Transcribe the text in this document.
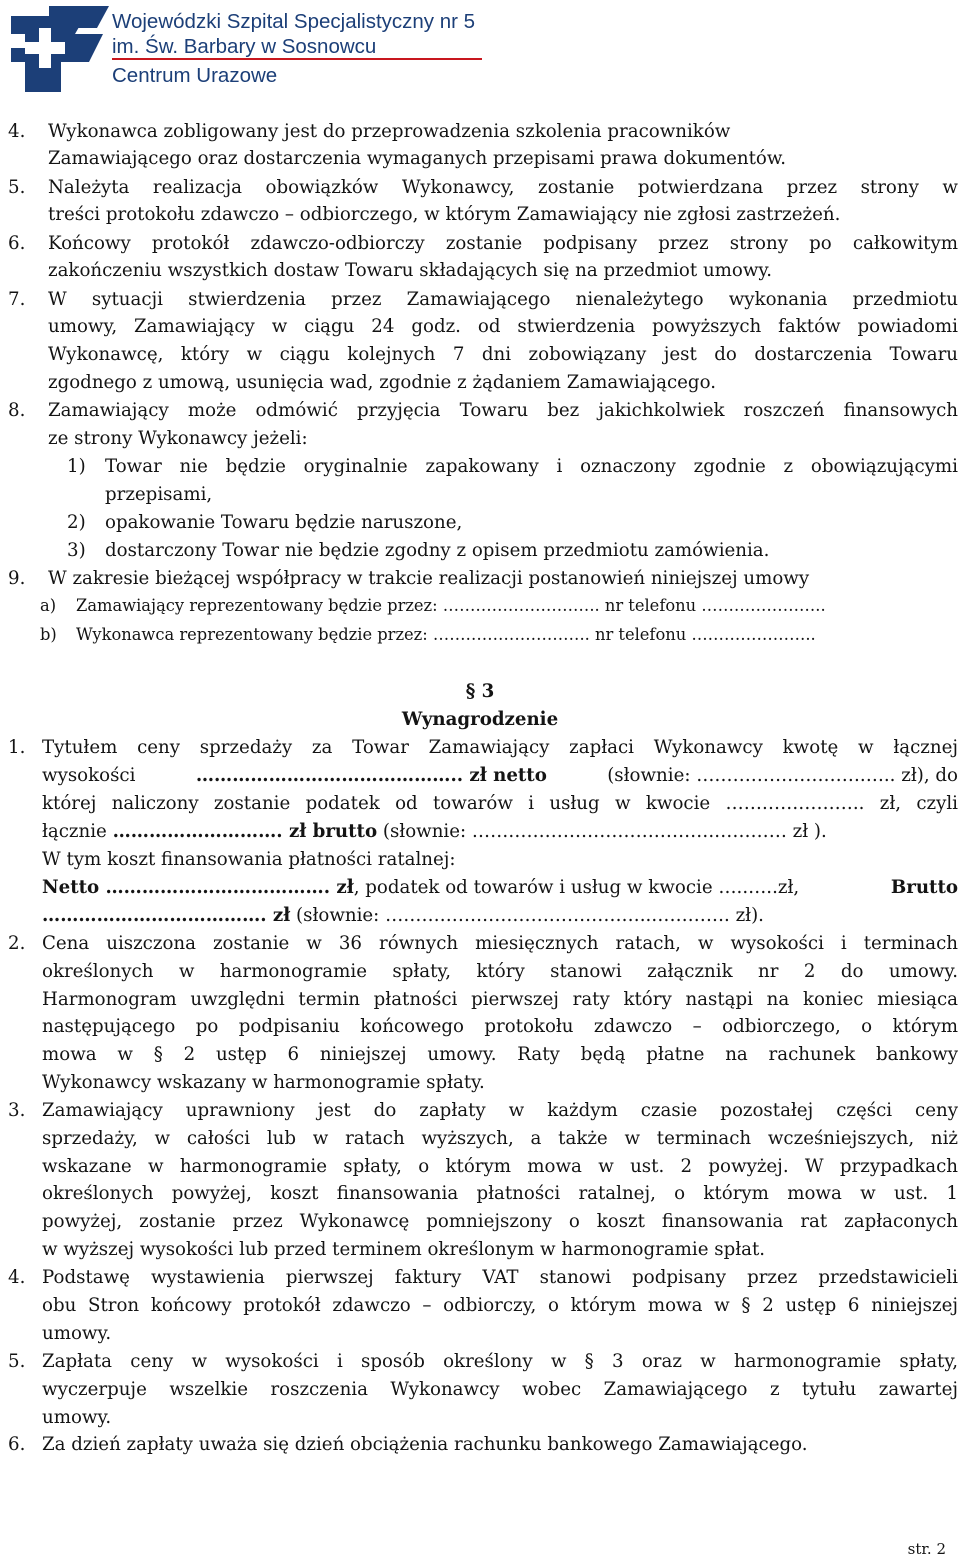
Wojewódzki Szpital Specjalistyczny nr 5
im. Św. Barbary w Sosnowcu
Centrum Urazowe
4. Wykonawca zobligowany jest do przeprowadzenia szkolenia pracowników
Zamawiającego oraz dostarczenia wymaganych przepisami prawa dokumentów.
5. Należyta realizacja obowiązków Wykonawcy, zostanie potwierdzana przez strony w
treści protokołu zdawczo – odbiorczego, w którym Zamawiający nie zgłosi zastrzeżeń.
6. Końcowy protokół zdawczo-odbiorczy zostanie podpisany przez strony po całkowitym
zakończeniu wszystkich dostaw Towaru składających się na przedmiot umowy.
7. W sytuacji stwierdzenia przez Zamawiającego nienależytego wykonania przedmiotu
umowy, Zamawiający w ciągu 24 godz. od stwierdzenia powyższych faktów powiadomi
Wykonawcę, który w ciągu kolejnych 7 dni zobowiązany jest do dostarczenia Towaru
zgodnego z umową, usunięcia wad, zgodnie z żądaniem Zamawiającego.
8. Zamawiający może odmówić przyjęcia Towaru bez jakichkolwiek roszczeń finansowych
ze strony Wykonawcy jeżeli:
1) Towar nie będzie oryginalnie zapakowany i oznaczony zgodnie z obowiązującymi
przepisami,
2) opakowanie Towaru będzie naruszone,
3) dostarczony Towar nie będzie zgodny z opisem przedmiotu zamówienia.
9. W zakresie bieżącej współpracy w trakcie realizacji postanowień niniejszej umowy
a) Zamawiający reprezentowany będzie przez: ……………………….. nr telefonu …………………..
b) Wykonawca reprezentowany będzie przez: ……………………….. nr telefonu …………………..
§ 3
Wynagrodzenie
1. Tytułem ceny sprzedaży za Towar Zamawiający zapłaci Wykonawcy kwotę w łącznej
wysokości	…………………………………….. zł netto	(słownie: ……………………….….. zł), do
której naliczony zostanie podatek od towarów i usług w kwocie ………………….. zł, czyli
łącznie ………………………. zł brutto (słownie: ………………………………….………… zł ).
W tym koszt finansowania płatności ratalnej:
Netto ………………………………. zł, podatek od towarów i usług w kwocie …..…..zł,	Brutto
………………………………. zł (słownie: ……………………………………..…………. zł).
2. Cena uiszczona zostanie w 36 równych miesięcznych ratach, w wysokości i terminach
określonych w harmonogramie spłaty, który stanowi załącznik nr 2 do umowy.
Harmonogram uwzględni termin płatności pierwszej raty który nastąpi na koniec miesiąca
następującego po podpisaniu końcowego protokołu zdawczo – odbiorczego, o którym
mowa w § 2 ustęp 6 niniejszej umowy. Raty będą płatne na rachunek bankowy
Wykonawcy wskazany w harmonogramie spłaty.
3. Zamawiający uprawniony jest do zapłaty w każdym czasie pozostałej części ceny
sprzedaży, w całości lub w ratach wyższych, a także w terminach wcześniejszych, niż
wskazane w harmonogramie spłaty, o którym mowa w ust. 2 powyżej. W przypadkach
określonych powyżej, koszt finansowania płatności ratalnej, o którym mowa w ust. 1
powyżej, zostanie przez Wykonawcę pomniejszony o koszt finansowania rat zapłaconych
w wyższej wysokości lub przed terminem określonym w harmonogramie spłat.
4. Podstawę wystawienia pierwszej faktury VAT stanowi podpisany przez przedstawicieli
obu Stron końcowy protokół zdawczo – odbiorczy, o którym mowa w § 2 ustęp 6 niniejszej
umowy.
5. Zapłata ceny w wysokości i sposób określony w § 3 oraz w harmonogramie spłaty,
wyczerpuje wszelkie roszczenia Wykonawcy wobec Zamawiającego z tytułu zawartej
umowy.
6. Za dzień zapłaty uważa się dzień obciążenia rachunku bankowego Zamawiającego.
str. 2
